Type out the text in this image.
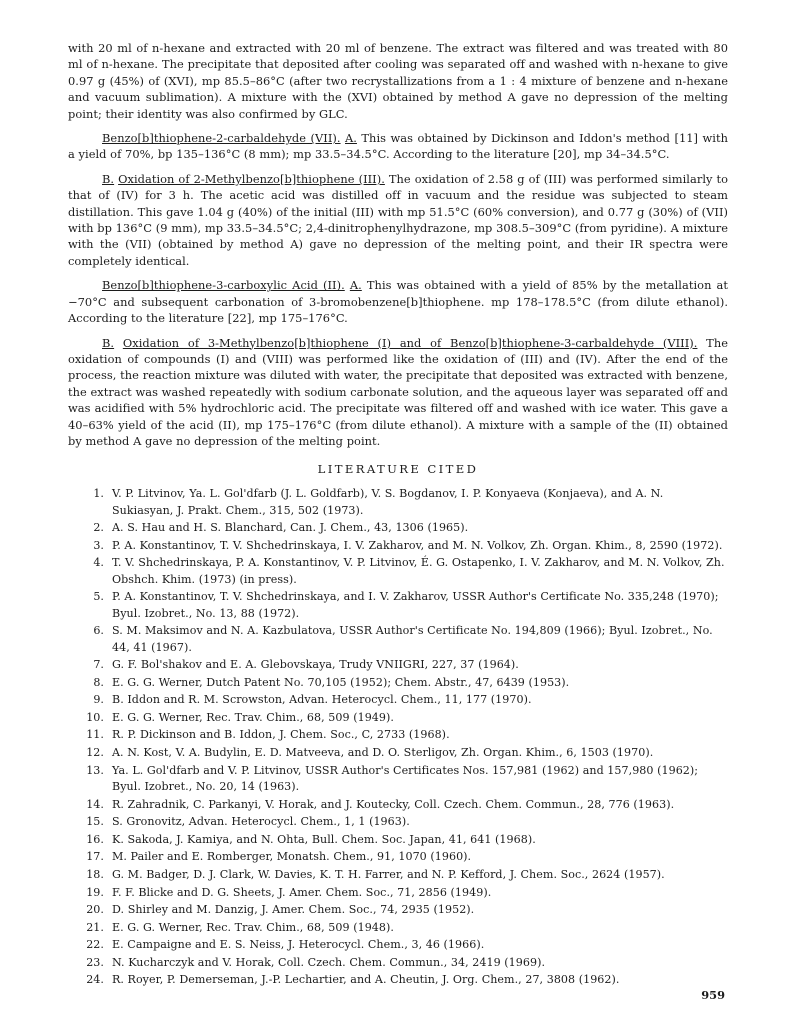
with 20 ml of n-hexane and extracted with 20 ml of benzene. The extract was filtered and was treated with 80 ml of n-hexane. The precipitate that deposited after cooling was separated off and washed with n-hexane to give 0.97 g (45%) of (XVI), mp 85.5–86°C (after two recrystallizations from a 1 : 4 mixture of benzene and n-hexane and vacuum sublimation). A mixture with the (XVI) obtained by method A gave no depression of the melting point; their identity was also confirmed by GLC.

Benzo[b]thiophene-2-carbaldehyde (VII). A. This was obtained by Dickinson and Iddon's method [11] with a yield of 70%, bp 135–136°C (8 mm); mp 33.5–34.5°C. According to the literature [20], mp 34–34.5°C.

B. Oxidation of 2-Methylbenzo[b]thiophene (III). The oxidation of 2.58 g of (III) was performed similarly to that of (IV) for 3 h. The acetic acid was distilled off in vacuum and the residue was subjected to steam distillation. This gave 1.04 g (40%) of the initial (III) with mp 51.5°C (60% conversion), and 0.77 g (30%) of (VII) with bp 136°C (9 mm), mp 33.5–34.5°C; 2,4-dinitrophenylhydrazone, mp 308.5–309°C (from pyridine). A mixture with the (VII) (obtained by method A) gave no depression of the melting point, and their IR spectra were completely identical.

Benzo[b]thiophene-3-carboxylic Acid (II). A. This was obtained with a yield of 85% by the metallation at −70°C and subsequent carbonation of 3-bromobenzene[b]thiophene. mp 178–178.5°C (from dilute ethanol). According to the literature [22], mp 175–176°C.

B. Oxidation of 3-Methylbenzo[b]thiophene (I) and of Benzo[b]thiophene-3-carbaldehyde (VIII). The oxidation of compounds (I) and (VIII) was performed like the oxidation of (III) and (IV). After the end of the process, the reaction mixture was diluted with water, the precipitate that deposited was extracted with benzene, the extract was washed repeatedly with sodium carbonate solution, and the aqueous layer was separated off and was acidified with 5% hydrochloric acid. The precipitate was filtered off and washed with ice water. This gave a 40–63% yield of the acid (II), mp 175–176°C (from dilute ethanol). A mixture with a sample of the (II) obtained by method A gave no depression of the melting point.

LITERATURE CITED
1. V. P. Litvinov, Ya. L. Gol'dfarb (J. L. Goldfarb), V. S. Bogdanov, I. P. Konyaeva (Konjaeva), and A. N. Sukiasyan, J. Prakt. Chem., 315, 502 (1973).
2. A. S. Hau and H. S. Blanchard, Can. J. Chem., 43, 1306 (1965).
3. P. A. Konstantinov, T. V. Shchedrinskaya, I. V. Zakharov, and M. N. Volkov, Zh. Organ. Khim., 8, 2590 (1972).
4. T. V. Shchedrinskaya, P. A. Konstantinov, V. P. Litvinov, É. G. Ostapenko, I. V. Zakharov, and M. N. Volkov, Zh. Obshch. Khim. (1973) (in press).
5. P. A. Konstantinov, T. V. Shchedrinskaya, and I. V. Zakharov, USSR Author's Certificate No. 335,248 (1970); Byul. Izobret., No. 13, 88 (1972).
6. S. M. Maksimov and N. A. Kazbulatova, USSR Author's Certificate No. 194,809 (1966); Byul. Izobret., No. 44, 41 (1967).
7. G. F. Bol'shakov and E. A. Glebovskaya, Trudy VNIIGRI, 227, 37 (1964).
8. E. G. G. Werner, Dutch Patent No. 70,105 (1952); Chem. Abstr., 47, 6439 (1953).
9. B. Iddon and R. M. Scrowston, Advan. Heterocycl. Chem., 11, 177 (1970).
10. E. G. G. Werner, Rec. Trav. Chim., 68, 509 (1949).
11. R. P. Dickinson and B. Iddon, J. Chem. Soc., C, 2733 (1968).
12. A. N. Kost, V. A. Budylin, E. D. Matveeva, and D. O. Sterligov, Zh. Organ. Khim., 6, 1503 (1970).
13. Ya. L. Gol'dfarb and V. P. Litvinov, USSR Author's Certificates Nos. 157,981 (1962) and 157,980 (1962); Byul. Izobret., No. 20, 14 (1963).
14. R. Zahradnik, C. Parkanyi, V. Horak, and J. Koutecky, Coll. Czech. Chem. Commun., 28, 776 (1963).
15. S. Gronovitz, Advan. Heterocycl. Chem., 1, 1 (1963).
16. K. Sakoda, J. Kamiya, and N. Ohta, Bull. Chem. Soc. Japan, 41, 641 (1968).
17. M. Pailer and E. Romberger, Monatsh. Chem., 91, 1070 (1960).
18. G. M. Badger, D. J. Clark, W. Davies, K. T. H. Farrer, and N. P. Kefford, J. Chem. Soc., 2624 (1957).
19. F. F. Blicke and D. G. Sheets, J. Amer. Chem. Soc., 71, 2856 (1949).
20. D. Shirley and M. Danzig, J. Amer. Chem. Soc., 74, 2935 (1952).
21. E. G. G. Werner, Rec. Trav. Chim., 68, 509 (1948).
22. E. Campaigne and E. S. Neiss, J. Heterocycl. Chem., 3, 46 (1966).
23. N. Kucharczyk and V. Horak, Coll. Czech. Chem. Commun., 34, 2419 (1969).
24. R. Royer, P. Demerseman, J.-P. Lechartier, and A. Cheutin, J. Org. Chem., 27, 3808 (1962).
959
